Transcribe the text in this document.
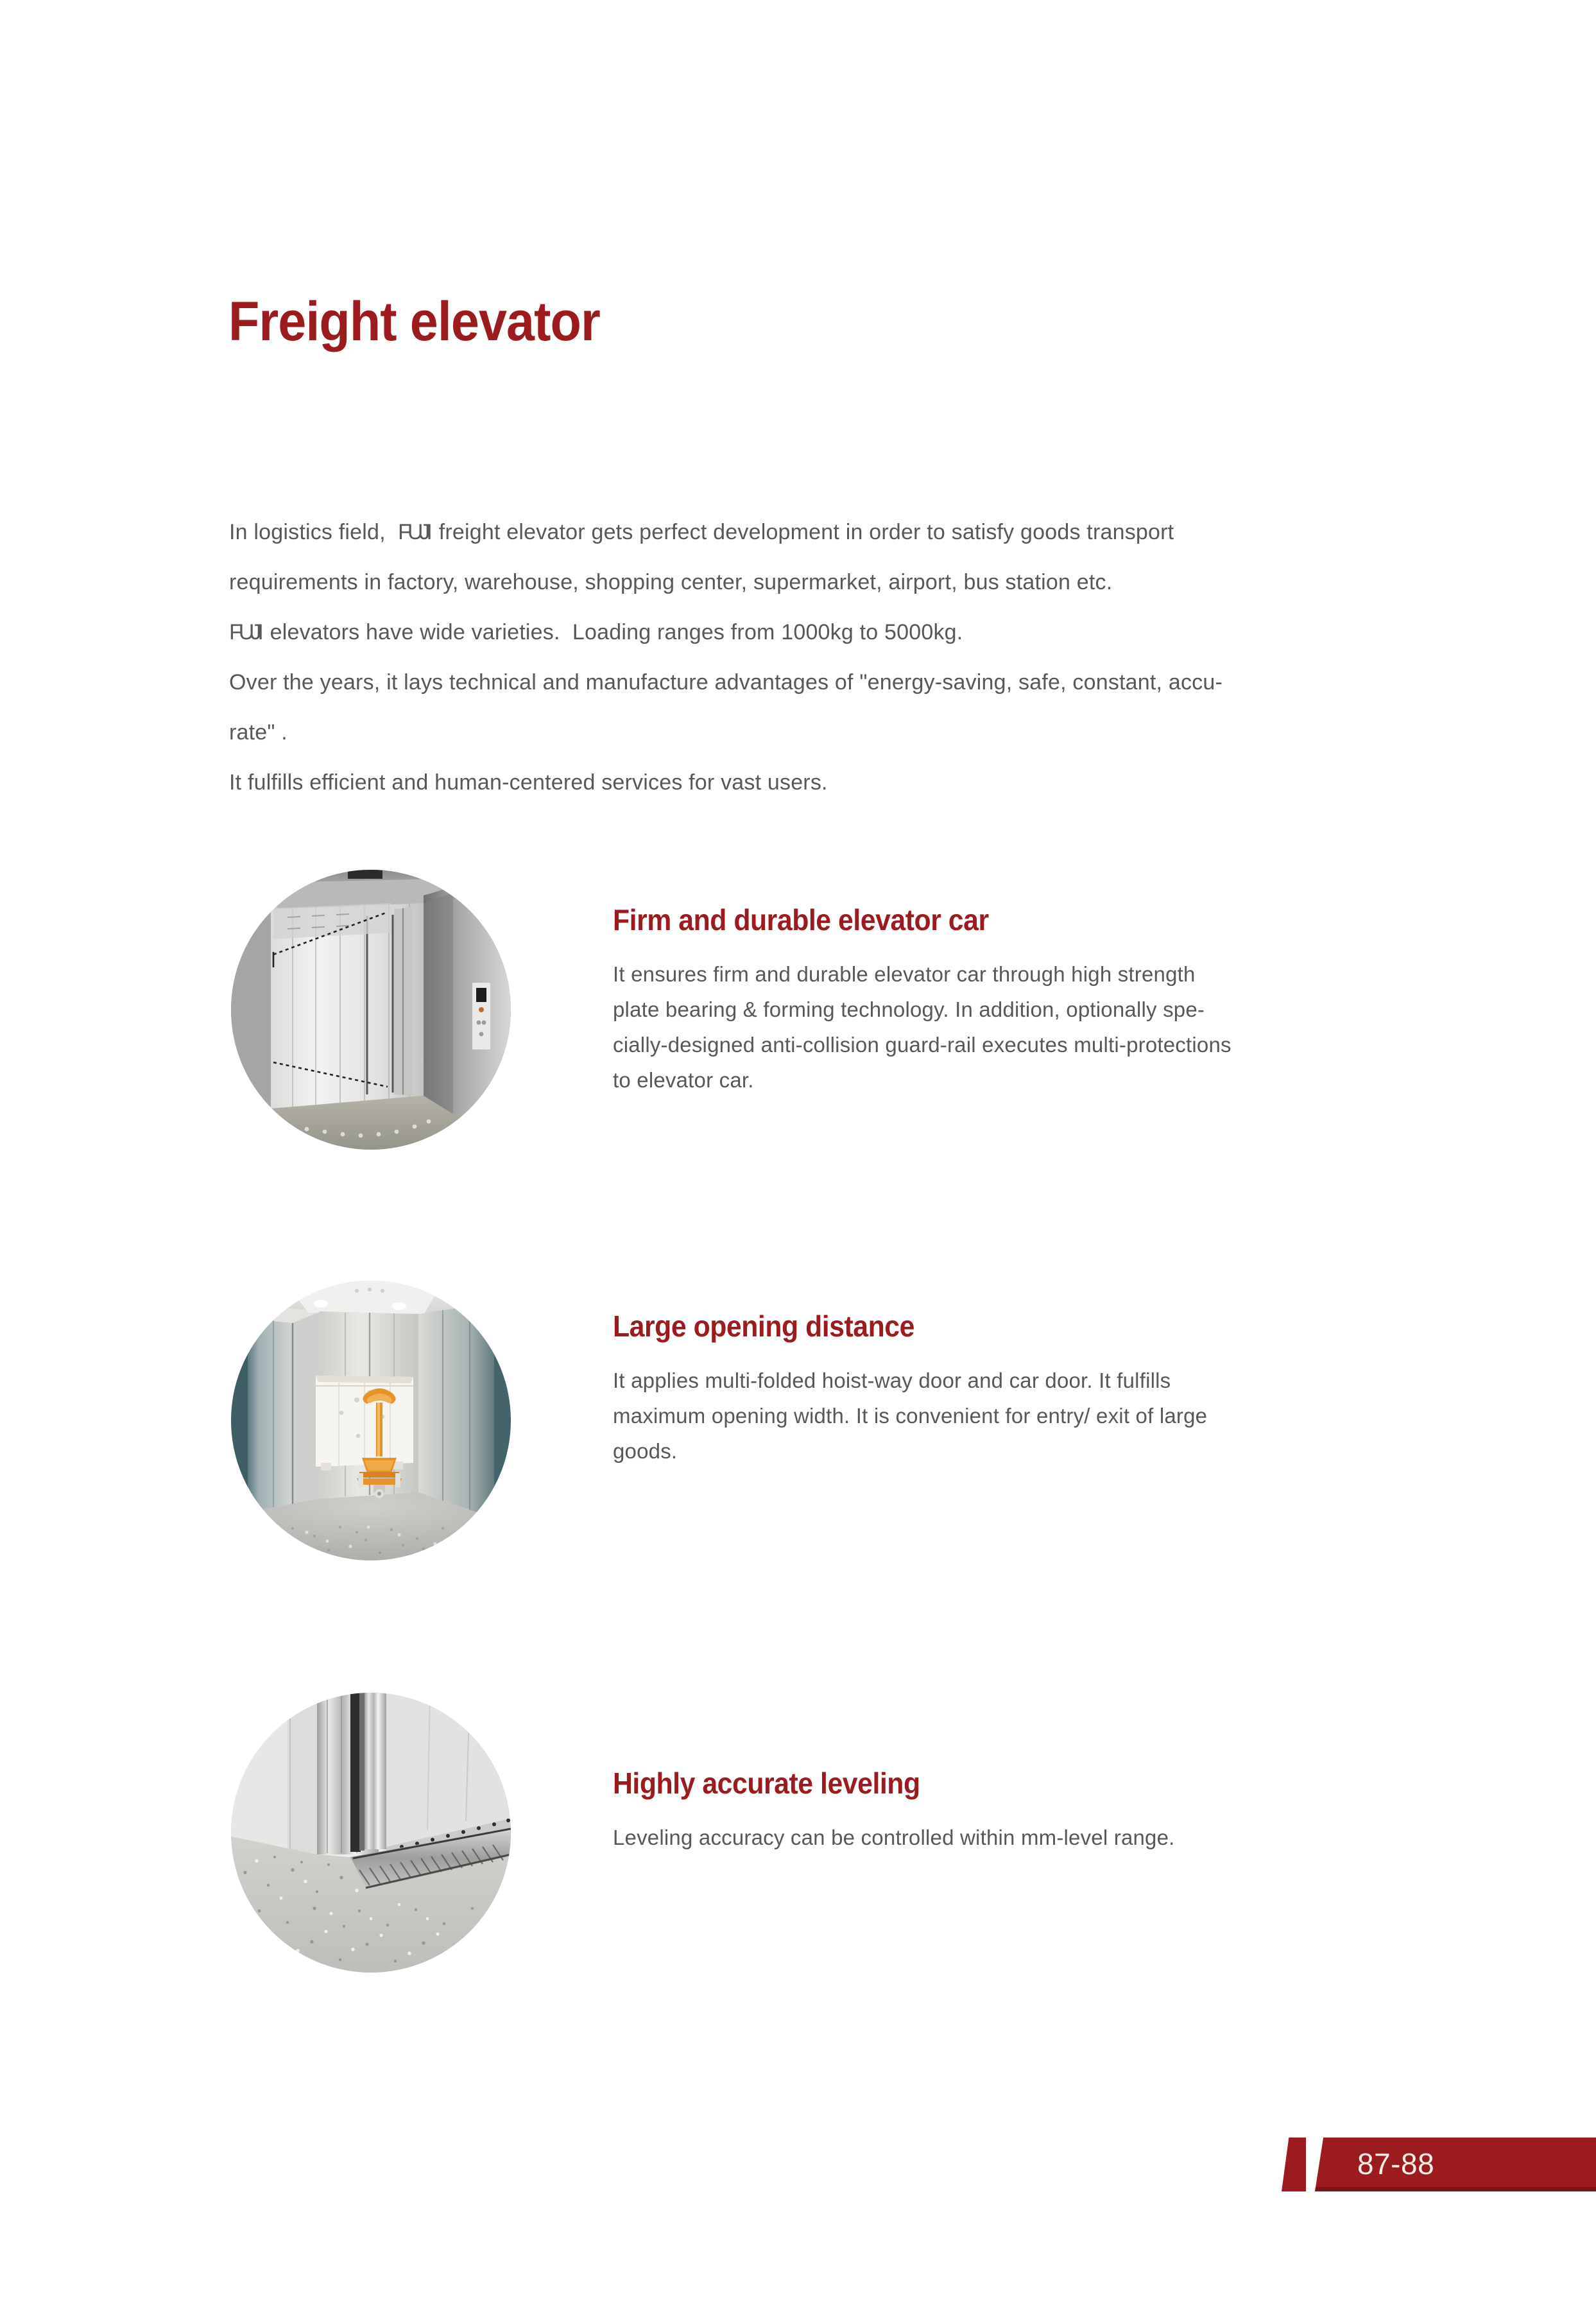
Freight elevator
In logistics field,  FUJI freight elevator gets perfect development in order to satisfy goods transport
requirements in factory, warehouse, shopping center, supermarket, airport, bus station etc.
FUJI elevators have wide varieties.  Loading ranges from 1000kg to 5000kg.
Over the years, it lays technical and manufacture advantages of "energy-saving, safe, constant, accu-
rate" .
It fulfills efficient and human-centered services for vast users.
Firm and durable elevator car
It ensures firm and durable elevator car through high strength
plate bearing & forming technology. In addition, optionally spe-
cially-designed anti-collision guard-rail executes multi-protections
to elevator car.
Large opening distance
It applies multi-folded hoist-way door and car door. It fulfills
maximum opening width. It is convenient for entry/ exit of large
goods.
Highly accurate leveling
Leveling accuracy can be controlled within mm-level range.
87-88
